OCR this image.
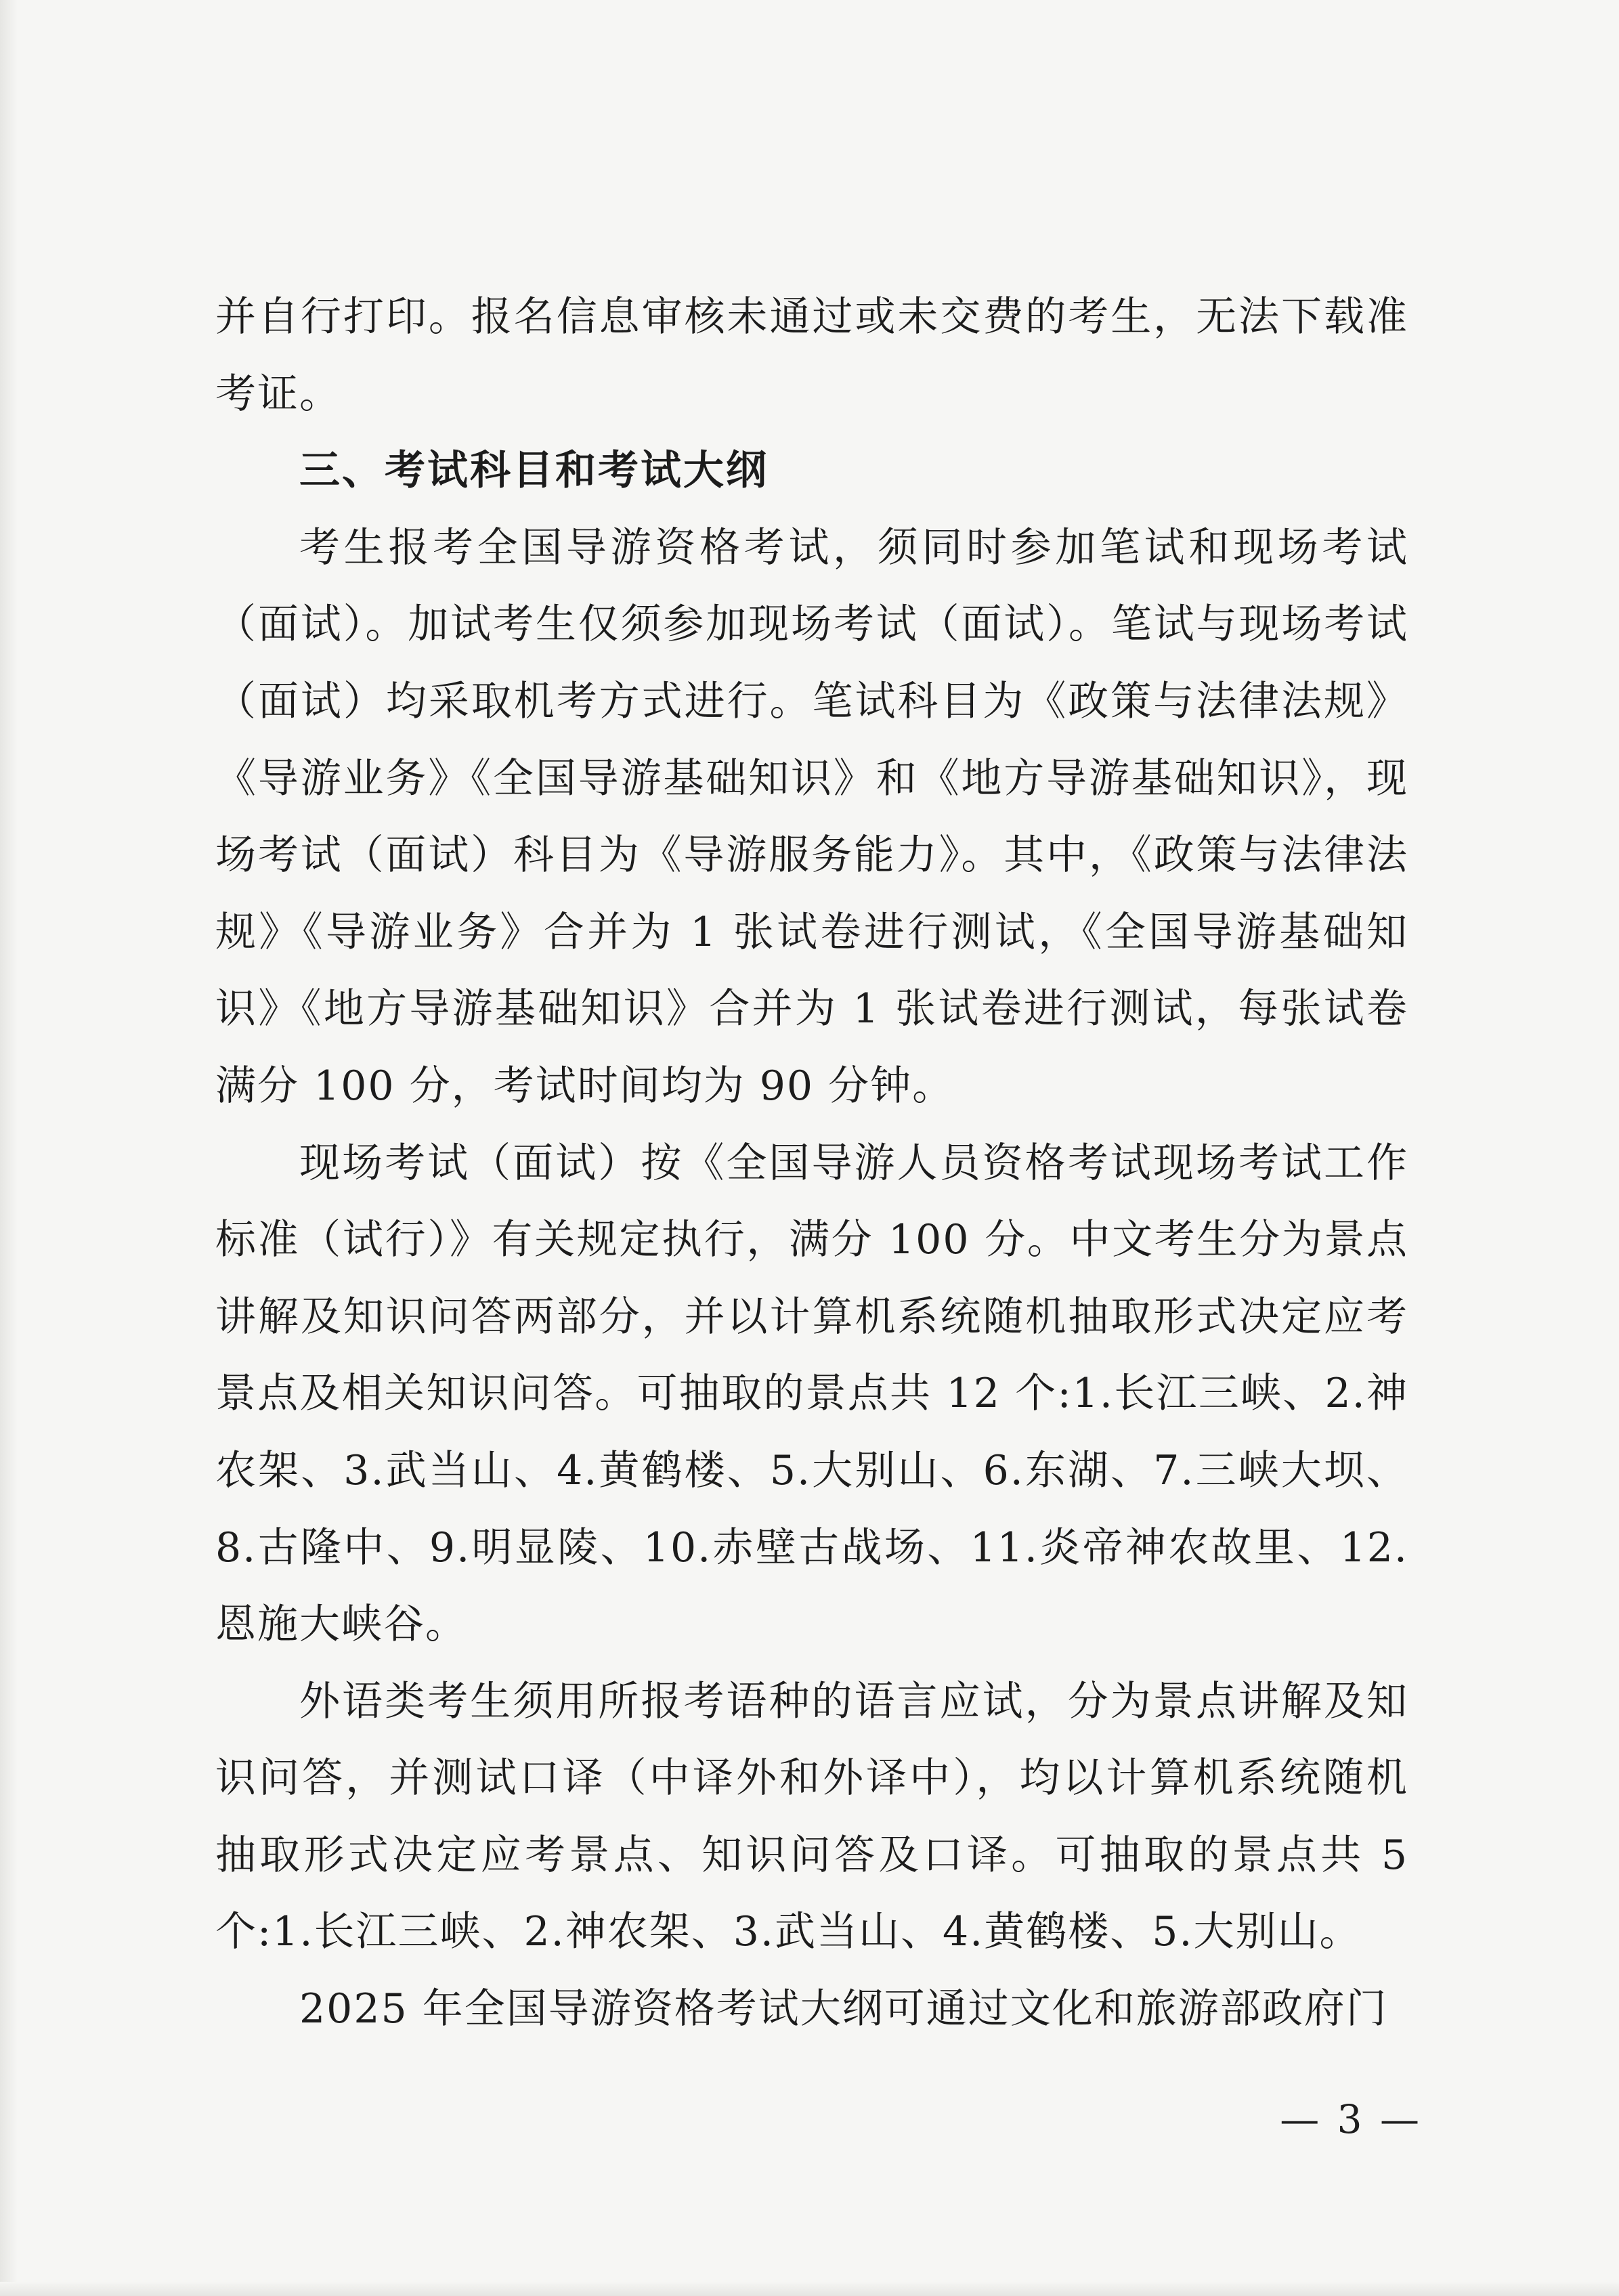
并自行打印。报名信息审核未通过或未交费的考生，无法下载准考证。

三、考试科目和考试大纲

考生报考全国导游资格考试，须同时参加笔试和现场考试（面试）。加试考生仅须参加现场考试（面试）。笔试与现场考试（面试）均采取机考方式进行。笔试科目为《政策与法律法规》《导游业务》《全国导游基础知识》和《地方导游基础知识》，现场考试（面试）科目为《导游服务能力》。其中，《政策与法律法规》《导游业务》合并为 1 张试卷进行测试，《全国导游基础知识》《地方导游基础知识》合并为 1 张试卷进行测试，每张试卷满分 100 分，考试时间均为 90 分钟。

现场考试（面试）按《全国导游人员资格考试现场考试工作标准（试行）》有关规定执行，满分 100 分。中文考生分为景点讲解及知识问答两部分，并以计算机系统随机抽取形式决定应考景点及相关知识问答。可抽取的景点共 12 个:1.长江三峡、2.神农架、3.武当山、4.黄鹤楼、5.大别山、6.东湖、7.三峡大坝、8.古隆中、9.明显陵、10.赤壁古战场、11.炎帝神农故里、12.恩施大峡谷。

外语类考生须用所报考语种的语言应试，分为景点讲解及知识问答，并测试口译（中译外和外译中），均以计算机系统随机抽取形式决定应考景点、知识问答及口译。可抽取的景点共 5 个:1.长江三峡、2.神农架、3.武当山、4.黄鹤楼、5.大别山。

2025 年全国导游资格考试大纲可通过文化和旅游部政府门

— 3 —
